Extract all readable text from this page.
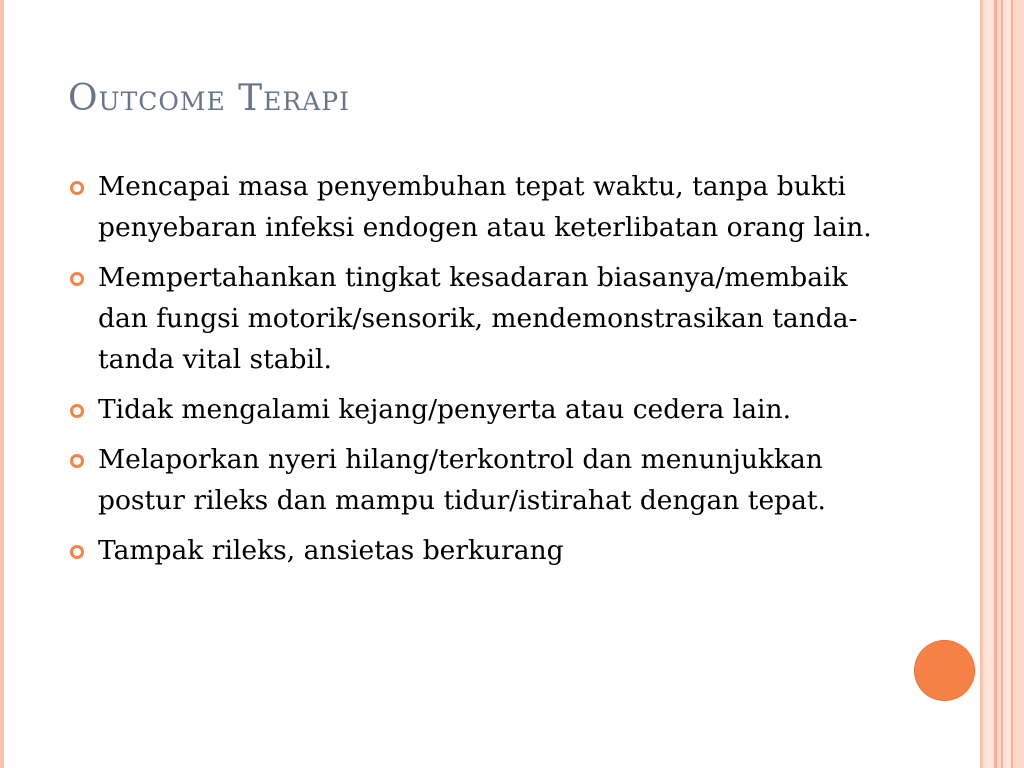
Outcome Terapi
Mencapai masa penyembuhan tepat waktu, tanpa bukti penyebaran infeksi endogen atau keterlibatan orang lain.
Mempertahankan tingkat kesadaran biasanya/membaik dan fungsi motorik/sensorik, mendemonstrasikan tanda-tanda vital stabil.
Tidak mengalami kejang/penyerta atau cedera lain.
Melaporkan nyeri hilang/terkontrol dan menunjukkan postur rileks dan mampu tidur/istirahat dengan tepat.
Tampak rileks, ansietas berkurang
